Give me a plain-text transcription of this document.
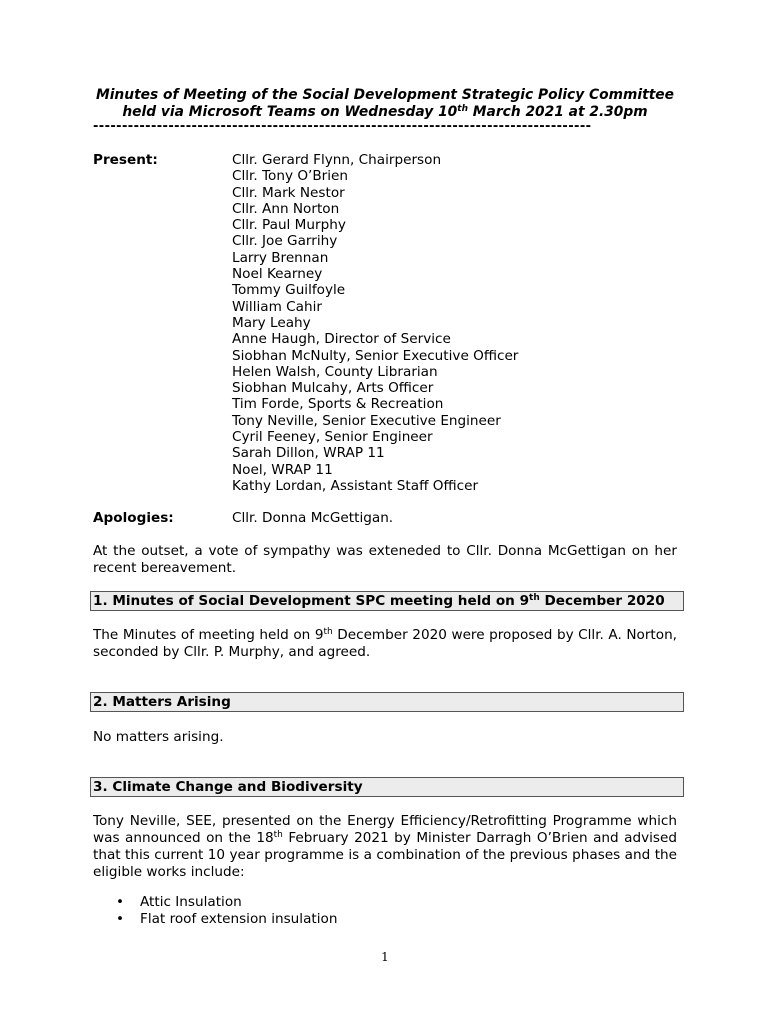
Minutes of Meeting of the Social Development Strategic Policy Committee
held via Microsoft Teams on Wednesday 10th March 2021 at 2.30pm
--------------------------------------------------------------------------------------
Present:	Cllr. Gerard Flynn, Chairperson
Cllr. Tony O’Brien
Cllr. Mark Nestor
Cllr. Ann Norton
Cllr. Paul Murphy
Cllr. Joe Garrihy
Larry Brennan
Noel Kearney
Tommy Guilfoyle
William Cahir
Mary Leahy
Anne Haugh, Director of Service
Siobhan McNulty, Senior Executive Officer
Helen Walsh, County Librarian
Siobhan Mulcahy, Arts Officer
Tim Forde, Sports & Recreation
Tony Neville, Senior Executive Engineer
Cyril Feeney, Senior Engineer
Sarah Dillon, WRAP 11
Noel, WRAP 11
Kathy Lordan, Assistant Staff Officer
Apologies:	Cllr. Donna McGettigan.
At the outset, a vote of sympathy was exteneded to Cllr. Donna McGettigan on her recent bereavement.
1. Minutes of Social Development SPC meeting held on 9th December 2020
The Minutes of meeting held on 9th December 2020 were proposed by Cllr. A. Norton, seconded by Cllr. P. Murphy, and agreed.
2. Matters Arising
No matters arising.
3. Climate Change and Biodiversity
Tony Neville, SEE, presented on the Energy Efficiency/Retrofitting Programme which was announced on the 18th February 2021 by Minister Darragh O’Brien and advised that this current 10 year programme is a combination of the previous phases and the eligible works include:
• Attic Insulation
• Flat roof extension insulation
1
